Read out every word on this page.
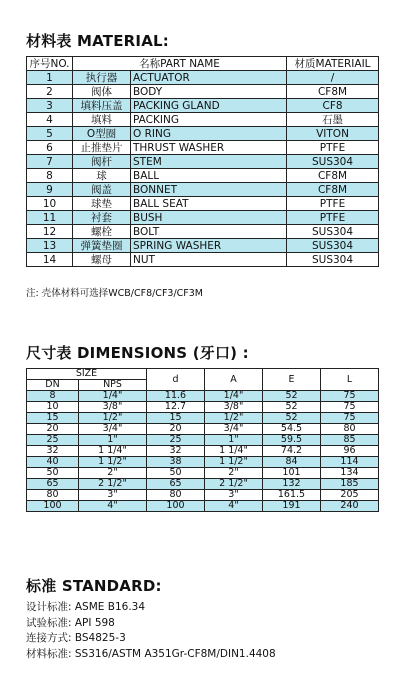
材料表 MATERIAL:
序号NO.	名称PART NAME		材质MATERIAIL
1	执行器	ACTUATOR	/
2	阀体	BODY	CF8M
3	填料压盖	PACKING GLAND	CF8
4	填料	PACKING	石墨
5	O型圈	O RING	VITON
6	止推垫片	THRUST WASHER	PTFE
7	阀杆	STEM	SUS304
8	球	BALL	CF8M
9	阀盖	BONNET	CF8M
10	球垫	BALL SEAT	PTFE
11	衬套	BUSH	PTFE
12	螺栓	BOLT	SUS304
13	弹簧垫圈	SPRING WASHER	SUS304
14	螺母	NUT	SUS304
注: 壳体材料可选择WCB/CF8/CF3/CF3M
尺寸表 DIMENSIONS (牙口) :
SIZE		d	A	E	L
DN	NPS				
8	1/4"	11.6	1/4"	52	75
10	3/8"	12.7	3/8"	52	75
15	1/2"	15	1/2"	52	75
20	3/4"	20	3/4"	54.5	80
25	1"	25	1"	59.5	85
32	1 1/4"	32	1 1/4"	74.2	96
40	1 1/2"	38	1 1/2"	84	114
50	2"	50	2"	101	134
65	2 1/2"	65	2 1/2"	132	185
80	3"	80	3"	161.5	205
100	4"	100	4"	191	240
标准 STANDARD:
设计标准: ASME B16.34
试验标准: API 598
连接方式: BS4825-3
材料标准: SS316/ASTM A351Gr-CF8M/DIN1.4408
